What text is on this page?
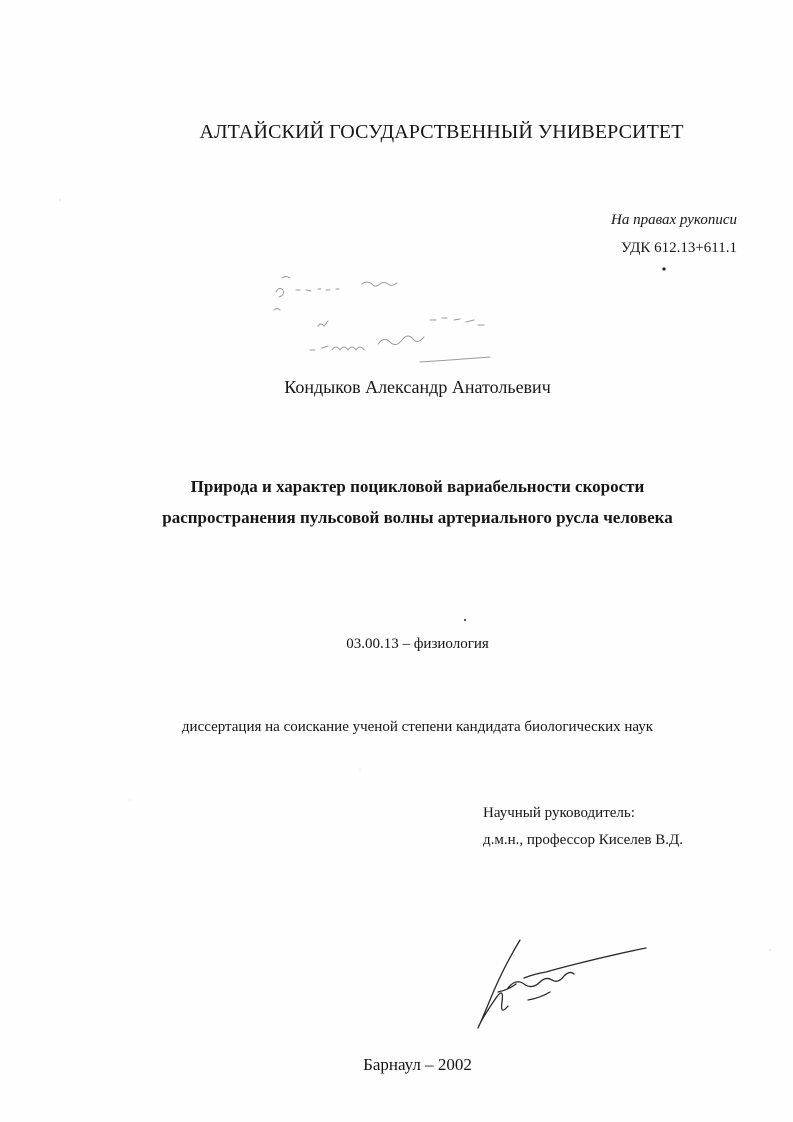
АЛТАЙСКИЙ ГОСУДАРСТВЕННЫЙ УНИВЕРСИТЕТ
На правах рукописи
УДК 612.13+611.1
Кондыков Александр Анатольевич
Природа и характер поцикловой вариабельности скорости
распространения пульсовой волны артериального русла человека
03.00.13 – физиология
диссертация на соискание ученой степени кандидата биологических наук
Научный руководитель:
д.м.н., профессор Киселев В.Д.
Барнаул – 2002
